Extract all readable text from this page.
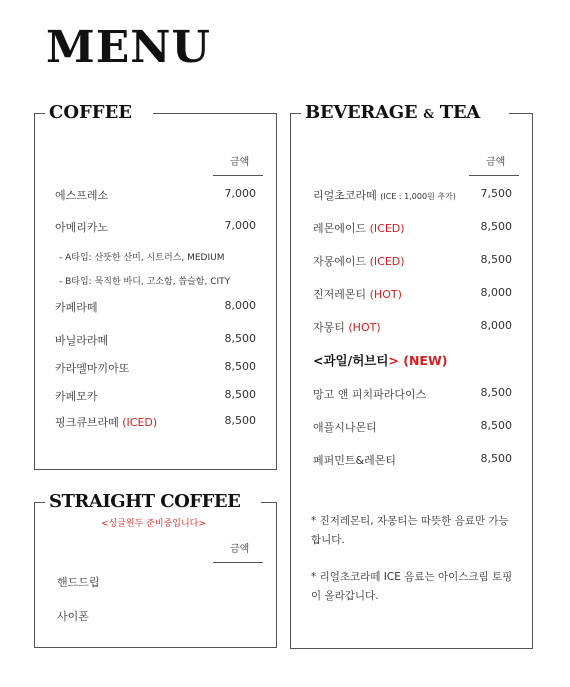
MENU
COFFEE
금액
에스프레소	7,000
아메리카노	7,000
- A타입: 산뜻한 산미, 시트러스, MEDIUM
- B타입: 묵직한 바디, 고소함, 씁슬함, CITY
카페라떼	8,000
바닐라라떼	8,500
카라멜마끼아또	8,500
카페모카	8,500
핑크큐브라떼 (ICED)	8,500
STRAIGHT COFFEE
<싱글원두 준비중입니다>
금액
핸드드립
사이폰
BEVERAGE & TEA
금액
리얼초코라떼 (ICE : 1,000원 추가) 7,500
레몬에이드 (ICED)	8,500
자몽에이드 (ICED)	8,500
진저레몬티 (HOT)	8,000
자몽티 (HOT)	8,000
<과일/허브티> (NEW)
망고 앤 피치파라다이스	8,500
애플시나몬티	8,500
페퍼민트&레몬티	8,500
* 진저레몬티, 자몽티는 따뜻한 음료만 가능합니다.
* 리얼초코라떼 ICE 음료는 아이스크림 토핑이 올라갑니다.
